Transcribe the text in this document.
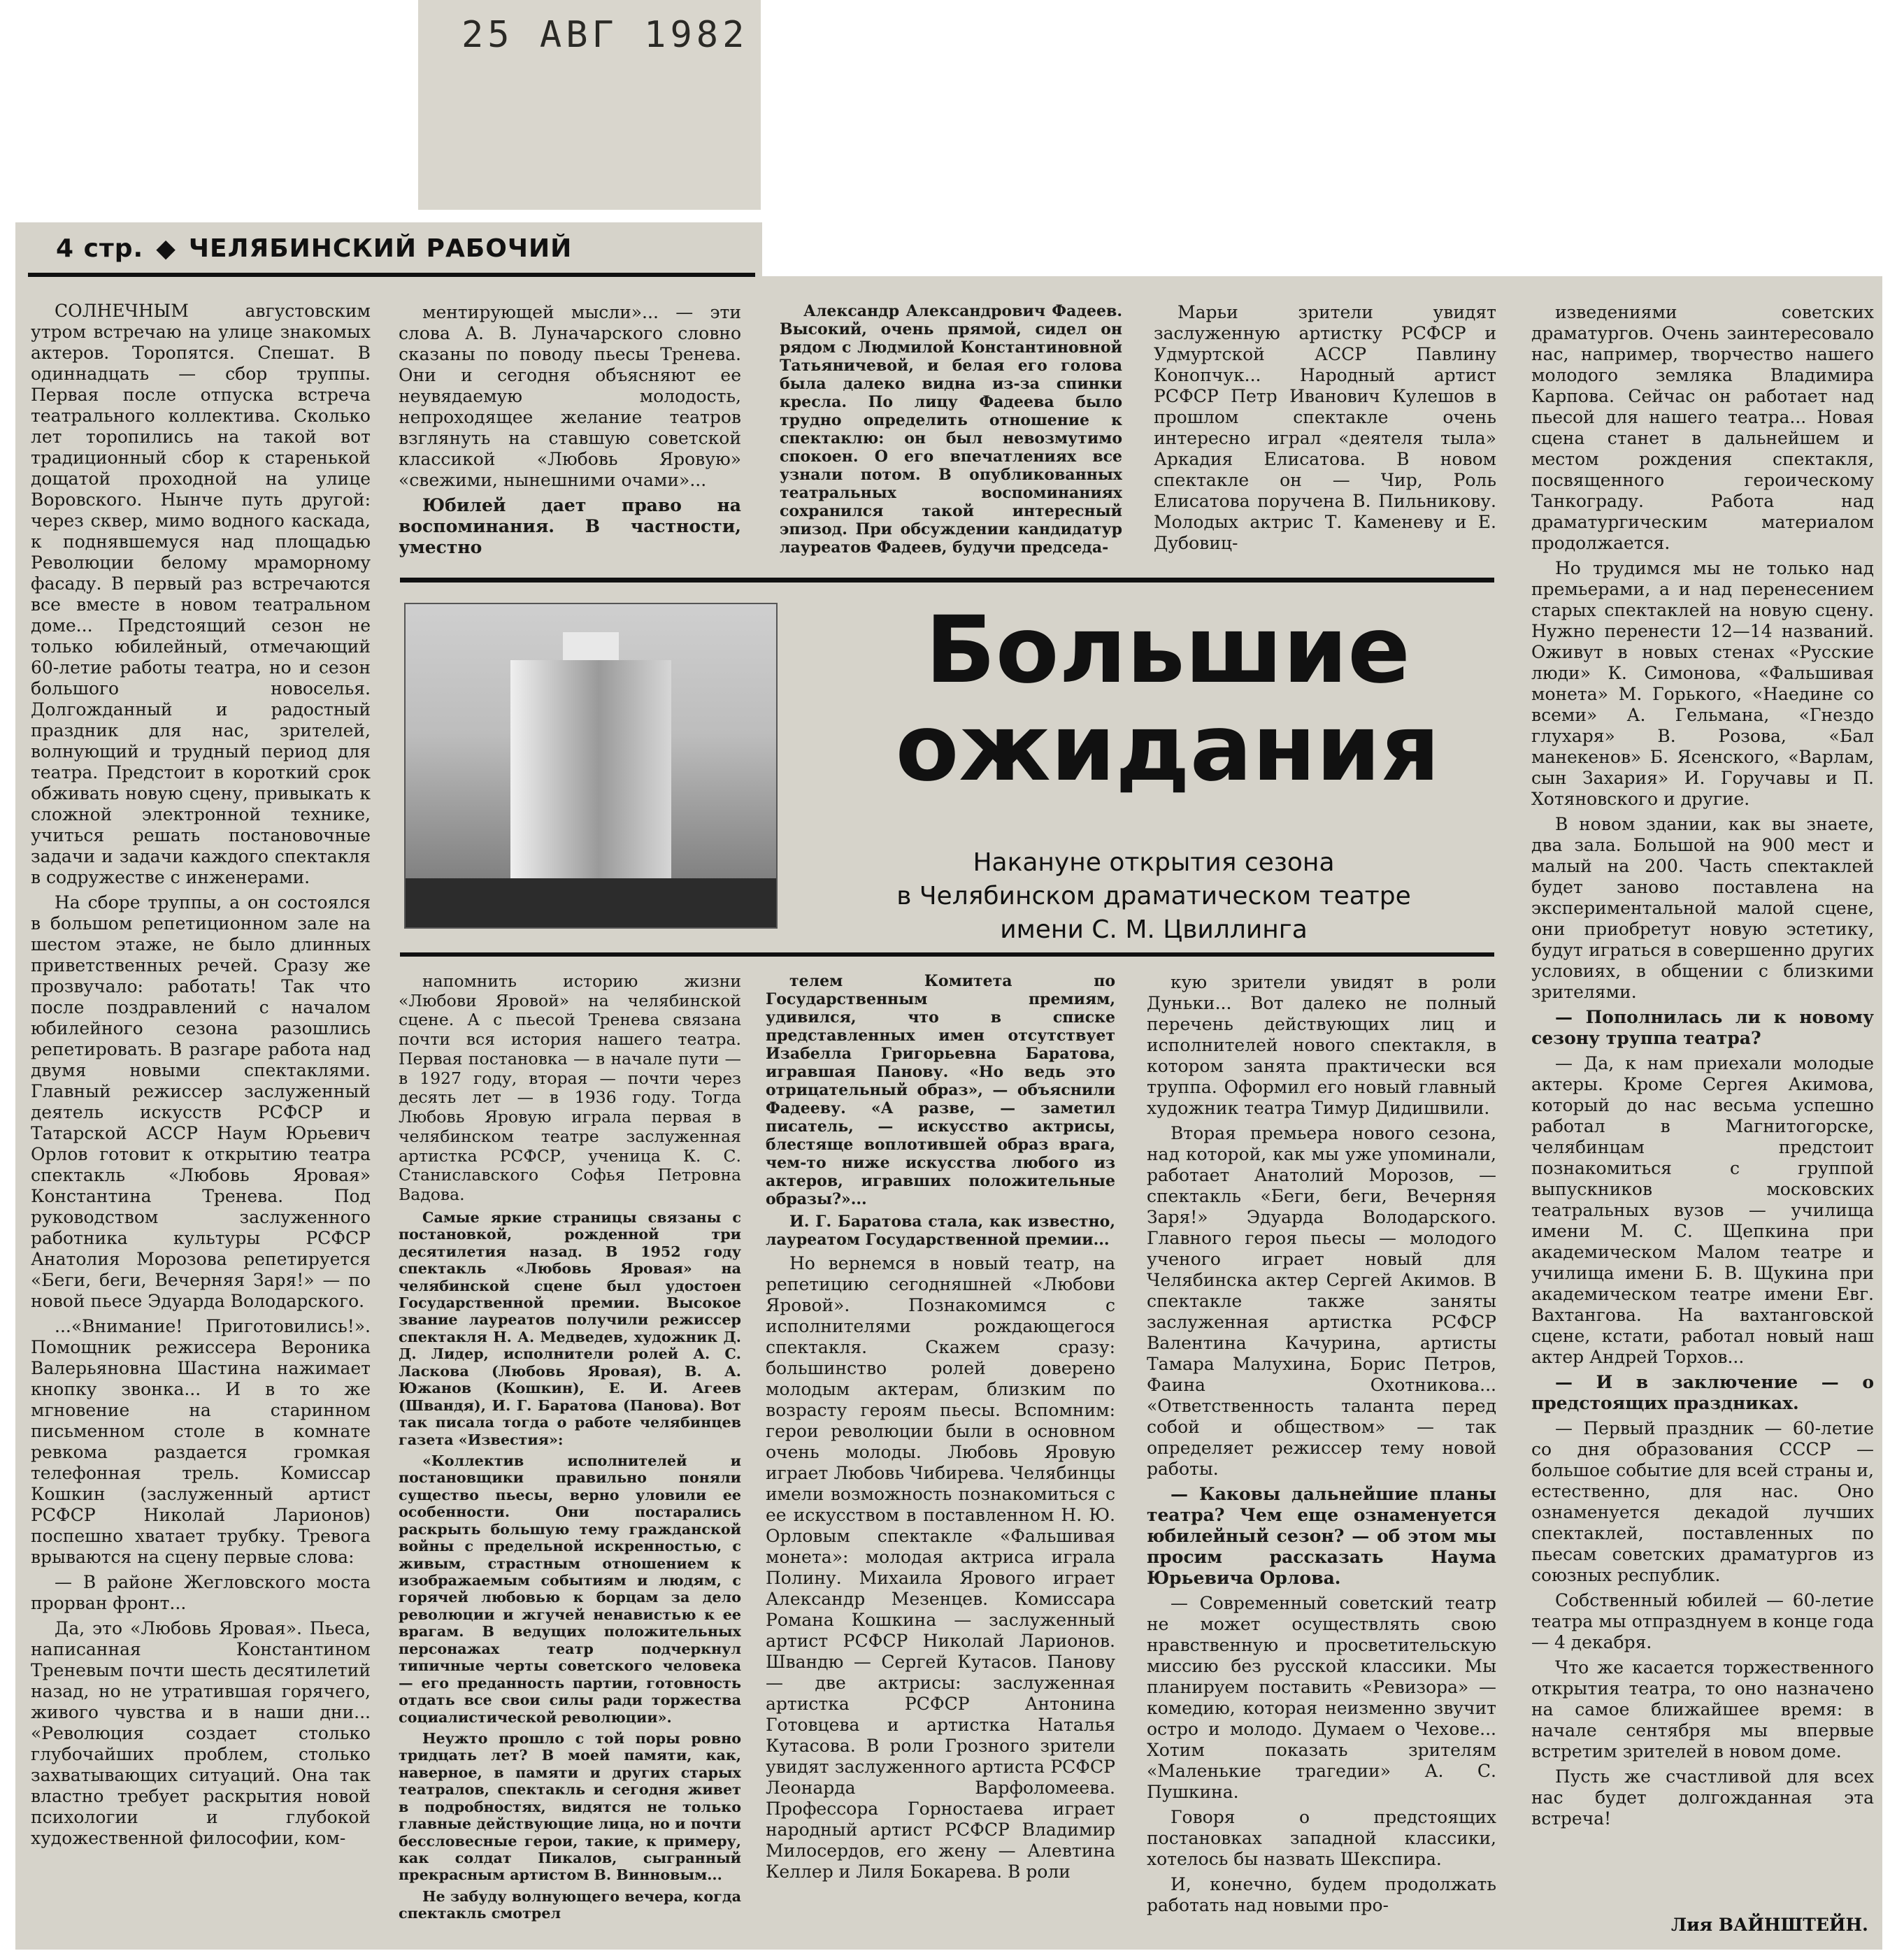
25 АВГ 1982
4 стр. ◆ ЧЕЛЯБИНСКИЙ РАБОЧИЙ

СОЛНЕЧНЫМ августовским утром встречаю на улице знакомых актеров. Торопятся. Спешат. В одиннадцать — сбор труппы. Первая после отпуска встреча театрального коллектива. Сколько лет торопились на такой вот традиционный сбор к старенькой дощатой проходной на улице Воровского. Нынче путь другой: через сквер, мимо водного каскада, к поднявшемуся над площадью Революции белому мраморному фасаду. В первый раз встречаются все вместе в новом театральном доме... Предстоящий сезон не только юбилейный, отмечающий 60-летие работы театра, но и сезон большого новоселья. Долгожданный и радостный праздник для нас, зрителей, волнующий и трудный период для театра. Предстоит в короткий срок обживать новую сцену, привыкать к сложной электронной технике, учиться решать постановочные задачи и задачи каждого спектакля в содружестве с инженерами.

На сборе труппы, а он состоялся в большом репетиционном зале на шестом этаже, не было длинных приветственных речей. Сразу же прозвучало: работать! Так что после поздравлений с началом юбилейного сезона разошлись репетировать. В разгаре работа над двумя новыми спектаклями. Главный режиссер заслуженный деятель искусств РСФСР и Татарской АССР Наум Юрьевич Орлов готовит к открытию театра спектакль «Любовь Яровая» Константина Тренева. Под руководством заслуженного работника культуры РСФСР Анатолия Морозова репетируется «Беги, беги, Вечерняя Заря!» — по новой пьесе Эдуарда Володарского.

...«Внимание! Приготовились!». Помощник режиссера Вероника Валерьяновна Шастина нажимает кнопку звонка... И в то же мгновение на старинном письменном столе в комнате ревкома раздается громкая телефонная трель. Комиссар Кошкин (заслуженный артист РСФСР Николай Ларионов) поспешно хватает трубку. Тревога врываются на сцену первые слова:

— В районе Жегловского моста прорван фронт...

Да, это «Любовь Яровая». Пьеса, написанная Константином Треневым почти шесть десятилетий назад, но не утратившая горячего, живого чувства и в наши дни... «Революция создает столько глубочайших проблем, столько захватывающих ситуаций. Она так властно требует раскрытия новой психологии и глубокой художественной философии, ком-

ментирующей мысли»... — эти слова А. В. Луначарского словно сказаны по поводу пьесы Тренева. Они и сегодня объясняют ее неувядаемую молодость, непроходящее желание театров взглянуть на ставшую советской классикой «Любовь Яровую» «свежими, нынешними очами»...

Юбилей дает право на воспоминания. В частности, уместно

Александр Александрович Фадеев. Высокий, очень прямой, сидел он рядом с Людмилой Константиновной Татьяничевой, и белая его голова была далеко видна из-за спинки кресла. По лицу Фадеева было трудно определить отношение к спектаклю: он был невозмутимо спокоен. О его впечатлениях все узнали потом. В опубликованных театральных воспоминаниях сохранился такой интересный эпизод. При обсуждении кандидатур лауреатов Фадеев, будучи председа-

Марьи зрители увидят заслуженную артистку РСФСР и Удмуртской АССР Павлину Конопчук... Народный артист РСФСР Петр Иванович Кулешов в прошлом спектакле очень интересно играл «деятеля тыла» Аркадия Елисатова. В новом спектакле он — Чир, Роль Елисатова поручена В. Пильникову. Молодых актрис Т. Каменеву и Е. Дубовиц-

Большие
ожидания
Накануне открытия сезона
в Челябинском драматическом театре
имени С. М. Цвиллинга

напомнить историю жизни «Любови Яровой» на челябинской сцене. А с пьесой Тренева связана почти вся история нашего театра. Первая постановка — в начале пути — в 1927 году, вторая — почти через десять лет — в 1936 году. Тогда Любовь Яровую играла первая в челябинском театре заслуженная артистка РСФСР, ученица К. С. Станиславского Софья Петровна Вадова.

Самые яркие страницы связаны с постановкой, рожденной три десятилетия назад. В 1952 году спектакль «Любовь Яровая» на челябинской сцене был удостоен Государственной премии. Высокое звание лауреатов получили режиссер спектакля Н. А. Медведев, художник Д. Д. Лидер, исполнители ролей А. С. Ласкова (Любовь Яровая), В. А. Южанов (Кошкин), Е. И. Агеев (Швандя), И. Г. Баратова (Панова). Вот так писала тогда о работе челябинцев газета «Известия»:

«Коллектив исполнителей и постановщики правильно поняли существо пьесы, верно уловили ее особенности. Они постарались раскрыть большую тему гражданской войны с предельной искренностью, с живым, страстным отношением к изображаемым событиям и людям, с горячей любовью к борцам за дело революции и жгучей ненавистью к ее врагам. В ведущих положительных персонажах театр подчеркнул типичные черты советского человека — его преданность партии, готовность отдать все свои силы ради торжества социалистической революции».

Неужто прошло с той поры ровно тридцать лет? В моей памяти, как, наверное, в памяти и других старых театралов, спектакль и сегодня живет в подробностях, видятся не только главные действующие лица, но и почти бессловесные герои, такие, к примеру, как солдат Пикалов, сыгранный прекрасным артистом В. Винновым...

Не забуду волнующего вечера, когда спектакль смотрел

телем Комитета по Государственным премиям, удивился, что в списке представленных имен отсутствует Изабелла Григорьевна Баратова, игравшая Панову. «Но ведь это отрицательный образ», — объяснили Фадееву. «А разве, — заметил писатель, — искусство актрисы, блестяще воплотившей образ врага, чем-то ниже искусства любого из актеров, игравших положительные образы?»...

И. Г. Баратова стала, как известно, лауреатом Государственной премии...

Но вернемся в новый театр, на репетицию сегодняшней «Любови Яровой». Познакомимся с исполнителями рождающегося спектакля. Скажем сразу: большинство ролей доверено молодым актерам, близким по возрасту героям пьесы. Вспомним: герои революции были в основном очень молоды. Любовь Яровую играет Любовь Чибирева. Челябинцы имели возможность познакомиться с ее искусством в поставленном Н. Ю. Орловым спектакле «Фальшивая монета»: молодая актриса играла Полину. Михаила Ярового играет Александр Мезенцев. Комиссара Романа Кошкина — заслуженный артист РСФСР Николай Ларионов. Швандю — Сергей Кутасов. Панову — две актрисы: заслуженная артистка РСФСР Антонина Готовцева и артистка Наталья Кутасова. В роли Грозного зрители увидят заслуженного артиста РСФСР Леонарда Варфоломеева. Профессора Горностаева играет народный артист РСФСР Владимир Милосердов, его жену — Алевтина Келлер и Лиля Бокарева. В роли

кую зрители увидят в роли Дуньки... Вот далеко не полный перечень действующих лиц и исполнителей нового спектакля, в котором занята практически вся труппа. Оформил его новый главный художник театра Тимур Дидишвили.

Вторая премьера нового сезона, над которой, как мы уже упоминали, работает Анатолий Морозов, — спектакль «Беги, беги, Вечерняя Заря!» Эдуарда Володарского. Главного героя пьесы — молодого ученого играет новый для Челябинска актер Сергей Акимов. В спектакле также заняты заслуженная артистка РСФСР Валентина Качурина, артисты Тамара Малухина, Борис Петров, Фаина Охотникова... «Ответственность таланта перед собой и обществом» — так определяет режиссер тему новой работы.

— Каковы дальнейшие планы театра? Чем еще ознаменуется юбилейный сезон? — об этом мы просим рассказать Наума Юрьевича Орлова.

— Современный советский театр не может осуществлять свою нравственную и просветительскую миссию без русской классики. Мы планируем поставить «Ревизора» — комедию, которая неизменно звучит остро и молодо. Думаем о Чехове... Хотим показать зрителям «Маленькие трагедии» А. С. Пушкина.

Говоря о предстоящих постановках западной классики, хотелось бы назвать Шекспира.

И, конечно, будем продолжать работать над новыми про-

изведениями советских драматургов. Очень заинтересовало нас, например, творчество нашего молодого земляка Владимира Карпова. Сейчас он работает над пьесой для нашего театра... Новая сцена станет в дальнейшем и местом рождения спектакля, посвященного героическому Танкограду. Работа над драматургическим материалом продолжается.

Но трудимся мы не только над премьерами, а и над перенесением старых спектаклей на новую сцену. Нужно перенести 12—14 названий. Оживут в новых стенах «Русские люди» К. Симонова, «Фальшивая монета» М. Горького, «Наедине со всеми» А. Гельмана, «Гнездо глухаря» В. Розова, «Бал манекенов» Б. Ясенского, «Варлам, сын Захария» И. Горучавы и П. Хотяновского и другие.

В новом здании, как вы знаете, два зала. Большой на 900 мест и малый на 200. Часть спектаклей будет заново поставлена на экспериментальной малой сцене, они приобретут новую эстетику, будут играться в совершенно других условиях, в общении с близкими зрителями.

— Пополнилась ли к новому сезону труппа театра?

— Да, к нам приехали молодые актеры. Кроме Сергея Акимова, который до нас весьма успешно работал в Магнитогорске, челябинцам предстоит познакомиться с группой выпускников московских театральных вузов — училища имени М. С. Щепкина при академическом Малом театре и училища имени Б. В. Щукина при академическом театре имени Евг. Вахтангова. На вахтанговской сцене, кстати, работал новый наш актер Андрей Торхов...

— И в заключение — о предстоящих праздниках.

— Первый праздник — 60-летие со дня образования СССР — большое событие для всей страны и, естественно, для нас. Оно ознаменуется декадой лучших спектаклей, поставленных по пьесам советских драматургов из союзных республик.

Собственный юбилей — 60-летие театра мы отпразднуем в конце года — 4 декабря.

Что же касается торжественного открытия театра, то оно назначено на самое ближайшее время: в начале сентября мы впервые встретим зрителей в новом доме.

Пусть же счастливой для всех нас будет долгожданная эта встреча!

Лия ВАЙНШТЕЙН.
